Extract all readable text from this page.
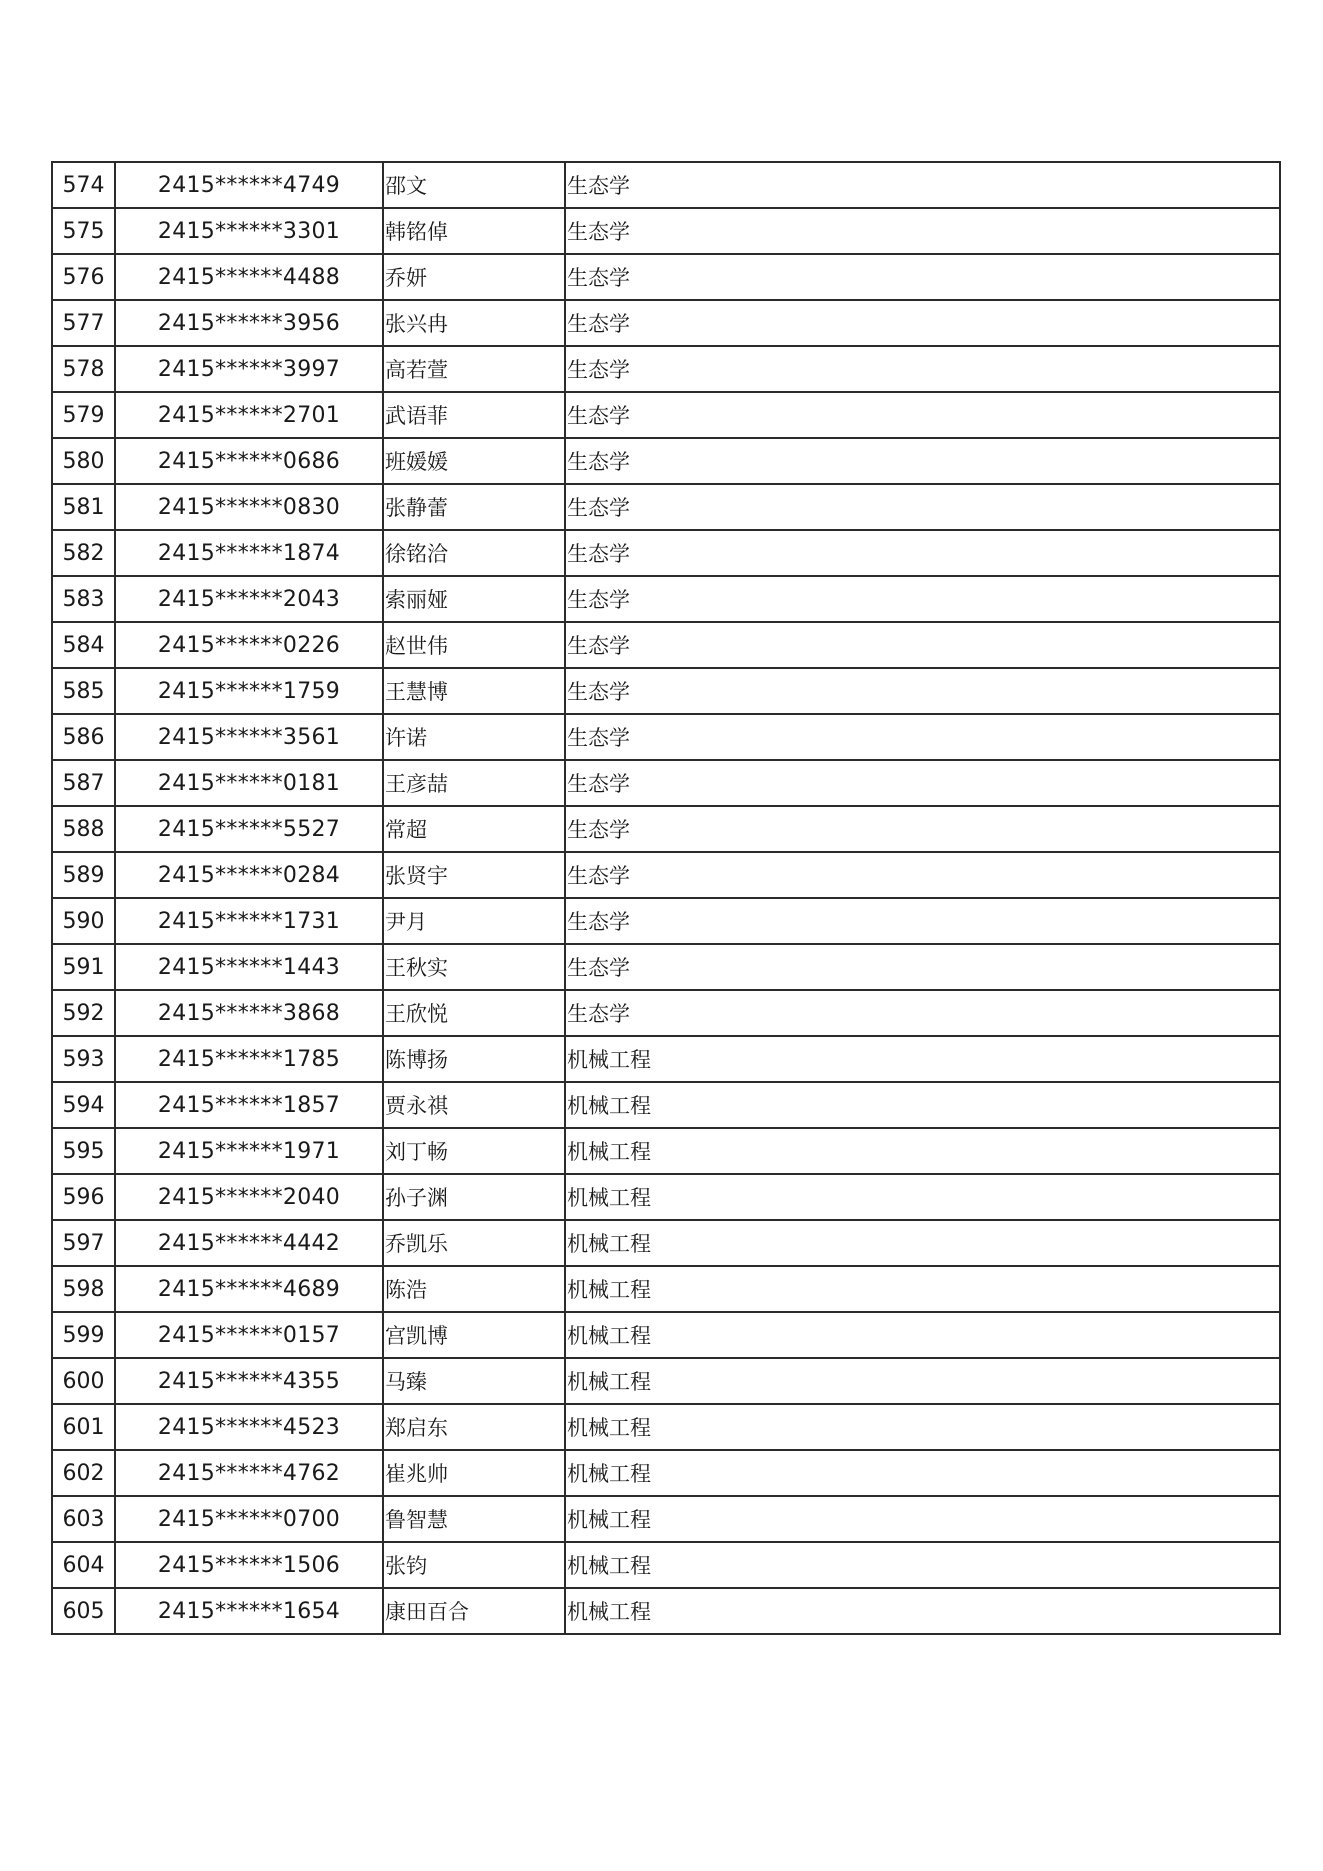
574	2415******4749	邵文	生态学
575	2415******3301	韩铭倬	生态学
576	2415******4488	乔妍	生态学
577	2415******3956	张兴冉	生态学
578	2415******3997	高若萱	生态学
579	2415******2701	武语菲	生态学
580	2415******0686	班媛媛	生态学
581	2415******0830	张静蕾	生态学
582	2415******1874	徐铭洽	生态学
583	2415******2043	索丽娅	生态学
584	2415******0226	赵世伟	生态学
585	2415******1759	王慧博	生态学
586	2415******3561	许诺	生态学
587	2415******0181	王彦喆	生态学
588	2415******5527	常超	生态学
589	2415******0284	张贤宇	生态学
590	2415******1731	尹月	生态学
591	2415******1443	王秋实	生态学
592	2415******3868	王欣悦	生态学
593	2415******1785	陈博扬	机械工程
594	2415******1857	贾永祺	机械工程
595	2415******1971	刘丁畅	机械工程
596	2415******2040	孙子渊	机械工程
597	2415******4442	乔凯乐	机械工程
598	2415******4689	陈浩	机械工程
599	2415******0157	宫凯博	机械工程
600	2415******4355	马臻	机械工程
601	2415******4523	郑启东	机械工程
602	2415******4762	崔兆帅	机械工程
603	2415******0700	鲁智慧	机械工程
604	2415******1506	张钧	机械工程
605	2415******1654	康田百合	机械工程
